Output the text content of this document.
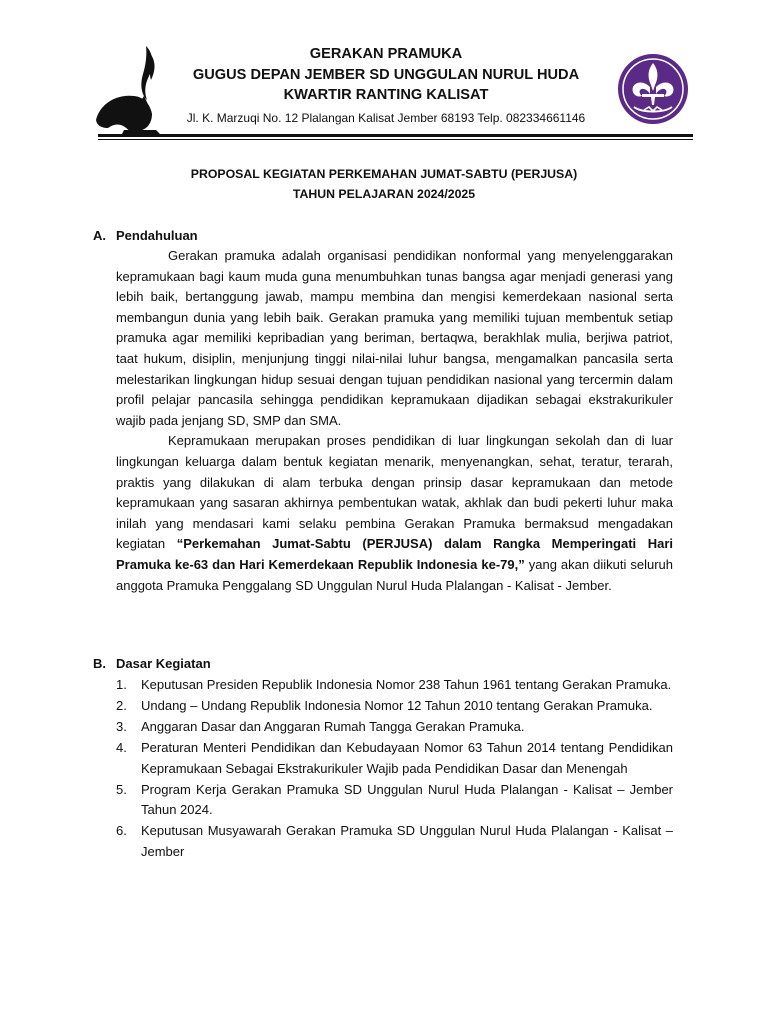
GERAKAN PRAMUKA
GUGUS DEPAN JEMBER SD UNGGULAN NURUL HUDA
KWARTIR RANTING KALISAT
Jl. K. Marzuqi No. 12 Plalangan Kalisat Jember 68193 Telp. 082334661146
PROPOSAL KEGIATAN PERKEMAHAN JUMAT-SABTU (PERJUSA)
TAHUN PELAJARAN 2024/2025
A. Pendahuluan

Gerakan pramuka adalah organisasi pendidikan nonformal yang menyelenggarakan kepramukaan bagi kaum muda guna menumbuhkan tunas bangsa agar menjadi generasi yang lebih baik, bertanggung jawab, mampu membina dan mengisi kemerdekaan nasional serta membangun dunia yang lebih baik. Gerakan pramuka yang memiliki tujuan membentuk setiap pramuka agar memiliki kepribadian yang beriman, bertaqwa, berakhlak mulia, berjiwa patriot, taat hukum, disiplin, menjunjung tinggi nilai-nilai luhur bangsa, mengamalkan pancasila serta melestarikan lingkungan hidup sesuai dengan tujuan pendidikan nasional yang tercermin dalam profil pelajar pancasila sehingga pendidikan kepramukaan dijadikan sebagai ekstrakurikuler wajib pada jenjang SD, SMP dan SMA.

Kepramukaan merupakan proses pendidikan di luar lingkungan sekolah dan di luar lingkungan keluarga dalam bentuk kegiatan menarik, menyenangkan, sehat, teratur, terarah, praktis yang dilakukan di alam terbuka dengan prinsip dasar kepramukaan dan metode kepramukaan yang sasaran akhirnya pembentukan watak, akhlak dan budi pekerti luhur maka inilah yang mendasari kami selaku pembina Gerakan Pramuka bermaksud mengadakan kegiatan “Perkemahan Jumat-Sabtu (PERJUSA) dalam Rangka Memperingati Hari Pramuka ke-63 dan Hari Kemerdekaan Republik Indonesia ke-79,” yang akan diikuti seluruh anggota Pramuka Penggalang SD Unggulan Nurul Huda Plalangan - Kalisat - Jember.

B. Dasar Kegiatan
1.	Keputusan Presiden Republik Indonesia Nomor 238 Tahun 1961 tentang Gerakan Pramuka.
2.	Undang – Undang Republik Indonesia Nomor 12 Tahun 2010 tentang Gerakan Pramuka.
3.	Anggaran Dasar dan Anggaran Rumah Tangga Gerakan Pramuka.
4.	Peraturan Menteri Pendidikan dan Kebudayaan Nomor 63 Tahun 2014 tentang Pendidikan Kepramukaan Sebagai Ekstrakurikuler Wajib pada Pendidikan Dasar dan Menengah
5.	Program Kerja Gerakan Pramuka SD Unggulan Nurul Huda Plalangan - Kalisat – Jember Tahun 2024.
6.	Keputusan Musyawarah Gerakan Pramuka SD Unggulan Nurul Huda Plalangan - Kalisat – Jember
